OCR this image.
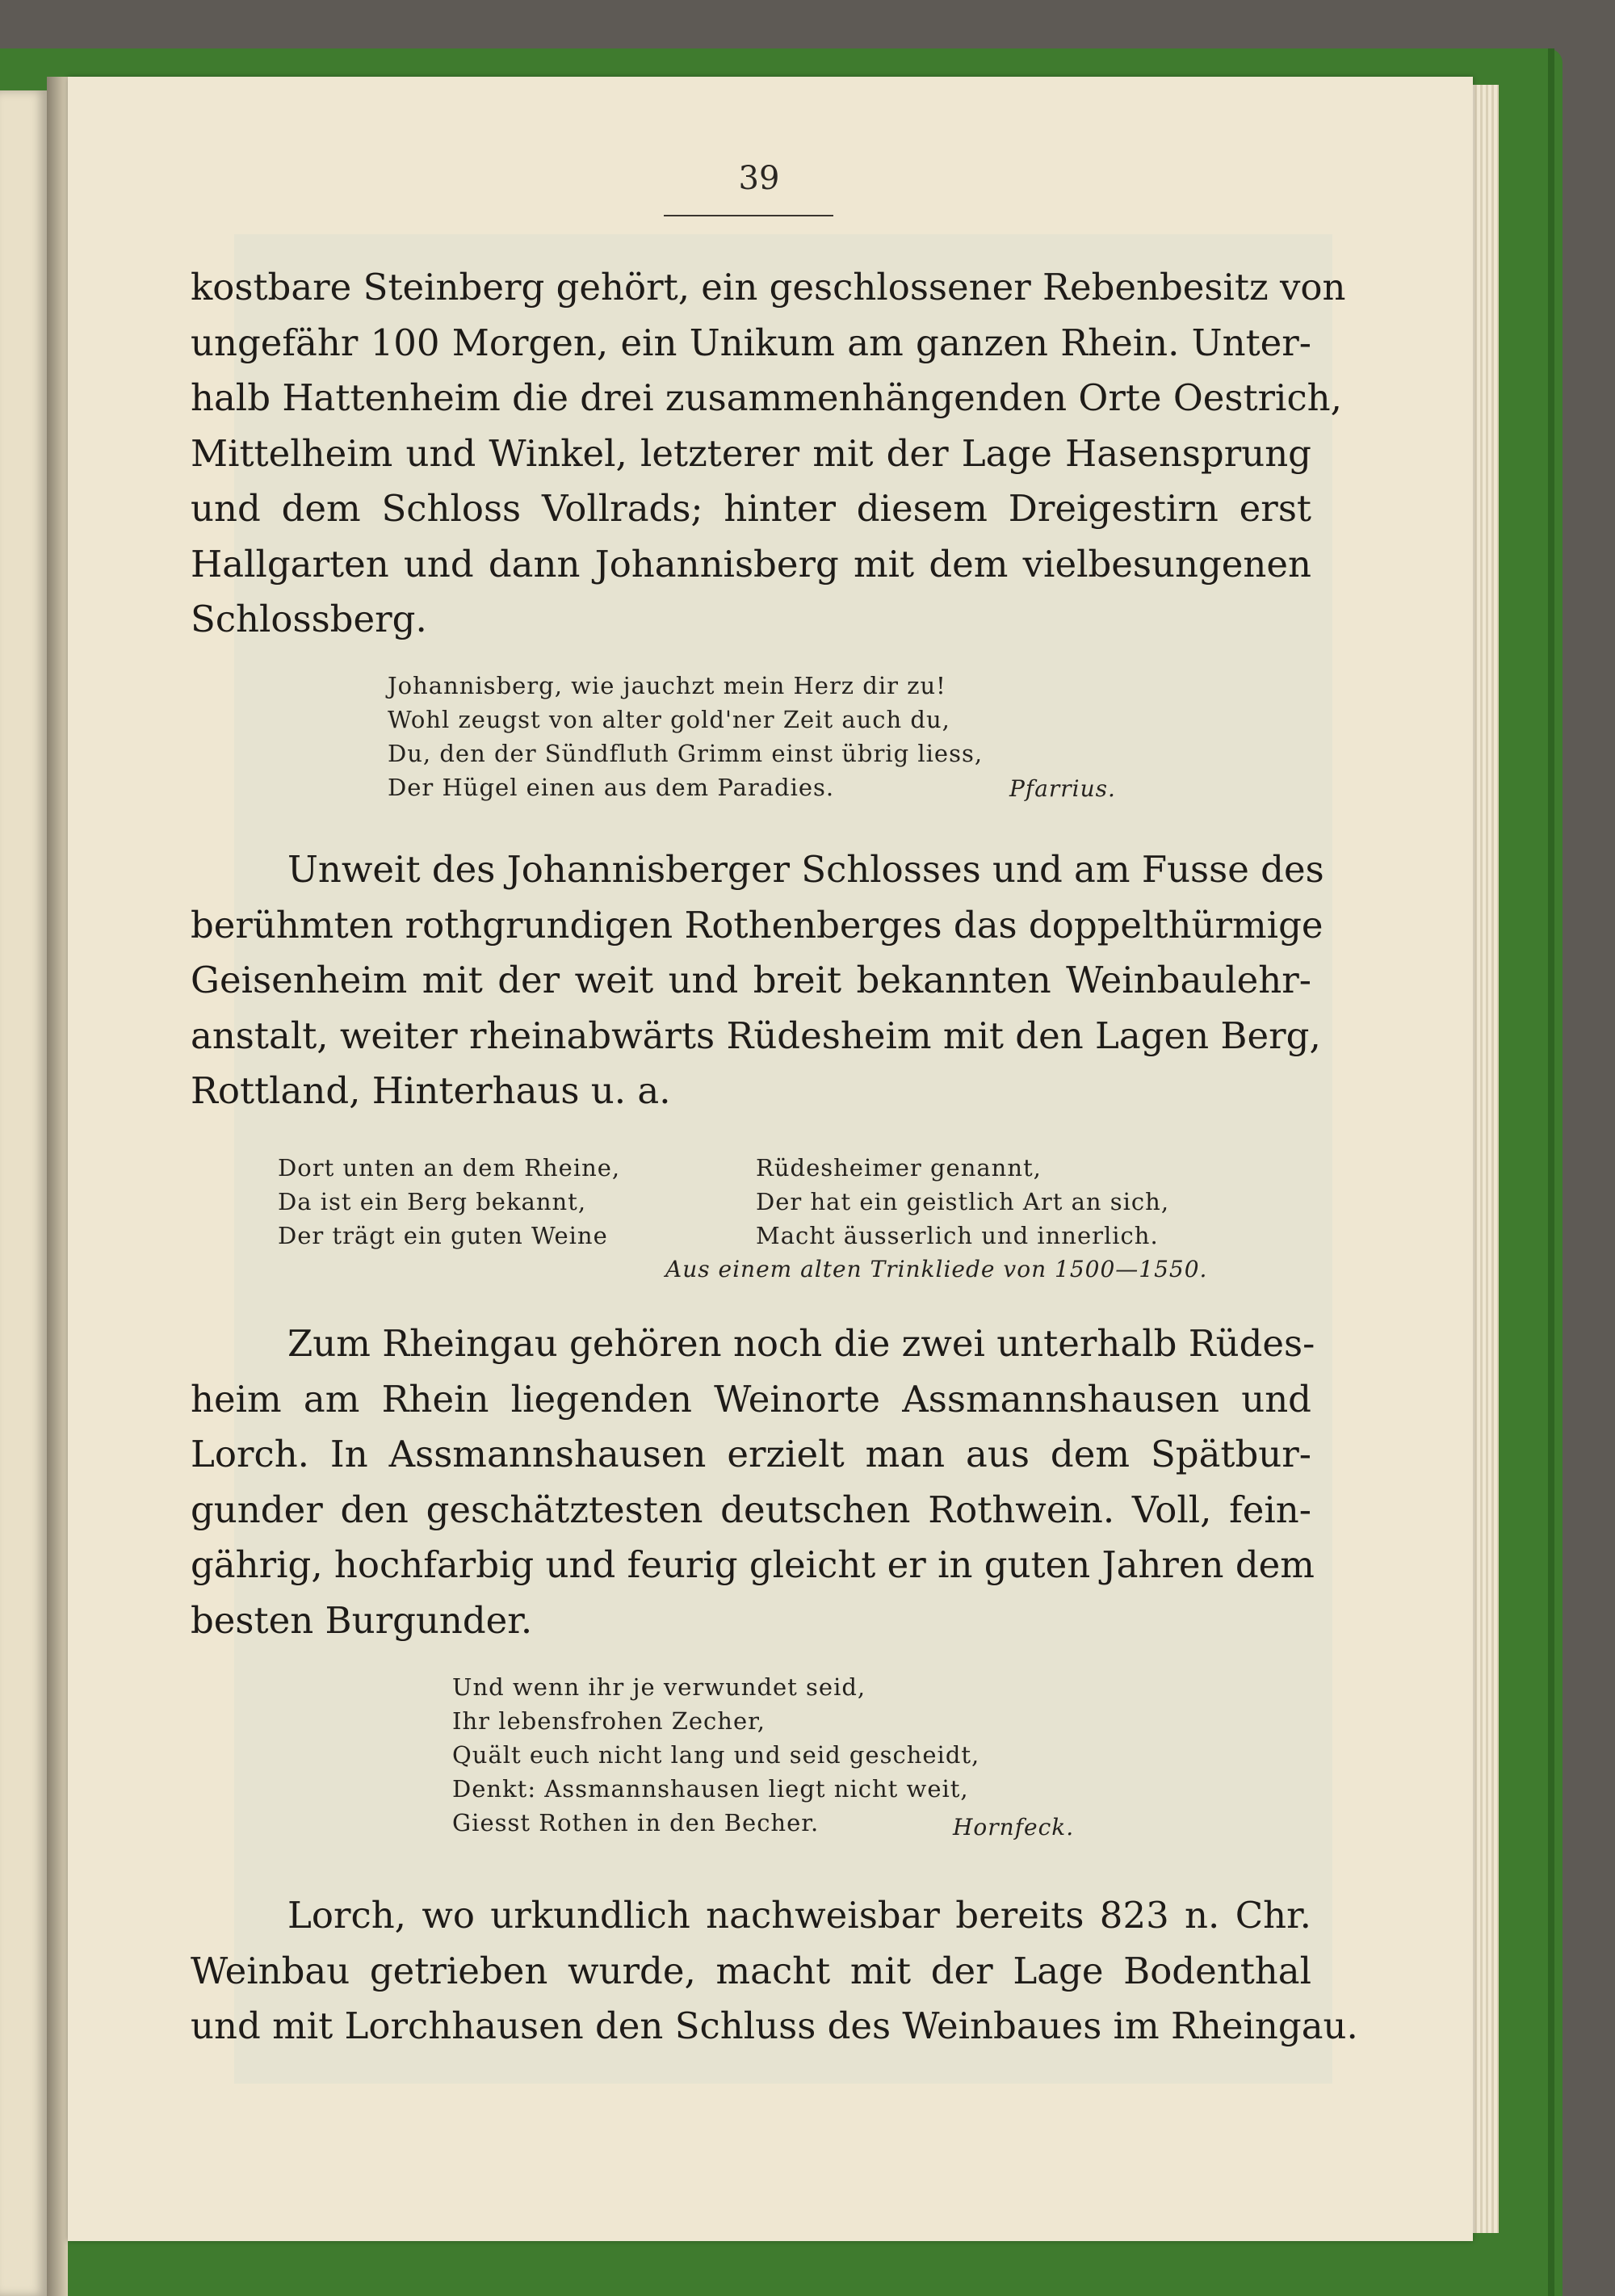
39
kostbare Steinberg gehört, ein geschlossener Rebenbesitz von
ungefähr 100 Morgen, ein Unikum am ganzen Rhein. Unter-
halb Hattenheim die drei zusammenhängenden Orte Oestrich,
Mittelheim und Winkel, letzterer mit der Lage Hasensprung
und dem Schloss Vollrads; hinter diesem Dreigestirn erst
Hallgarten und dann Johannisberg mit dem vielbesungenen
Schlossberg.
Johannisberg, wie jauchzt mein Herz dir zu!
Wohl zeugst von alter gold'ner Zeit auch du,
Du, den der Sündfluth Grimm einst übrig liess,
Der Hügel einen aus dem Paradies.	Pfarrius.
Unweit des Johannisberger Schlosses und am Fusse des
berühmten rothgrundigen Rothenberges das doppelthürmige
Geisenheim mit der weit und breit bekannten Weinbaulehr-
anstalt, weiter rheinabwärts Rüdesheim mit den Lagen Berg,
Rottland, Hinterhaus u. a.
Dort unten an dem Rheine,
Da ist ein Berg bekannt,
Der trägt ein guten Weine
Rüdesheimer genannt,
Der hat ein geistlich Art an sich,
Macht äusserlich und innerlich.
Aus einem alten Trinkliede von 1500—1550.
Zum Rheingau gehören noch die zwei unterhalb Rüdes-
heim am Rhein liegenden Weinorte Assmannshausen und
Lorch. In Assmannshausen erzielt man aus dem Spätbur-
gunder den geschätztesten deutschen Rothwein. Voll, fein-
gährig, hochfarbig und feurig gleicht er in guten Jahren dem
besten Burgunder.
Und wenn ihr je verwundet seid,
Ihr lebensfrohen Zecher,
Quält euch nicht lang und seid gescheidt,
Denkt: Assmannshausen liegt nicht weit,
Giesst Rothen in den Becher.	Hornfeck.
Lorch, wo urkundlich nachweisbar bereits 823 n. Chr.
Weinbau getrieben wurde, macht mit der Lage Bodenthal
und mit Lorchhausen den Schluss des Weinbaues im Rheingau.
